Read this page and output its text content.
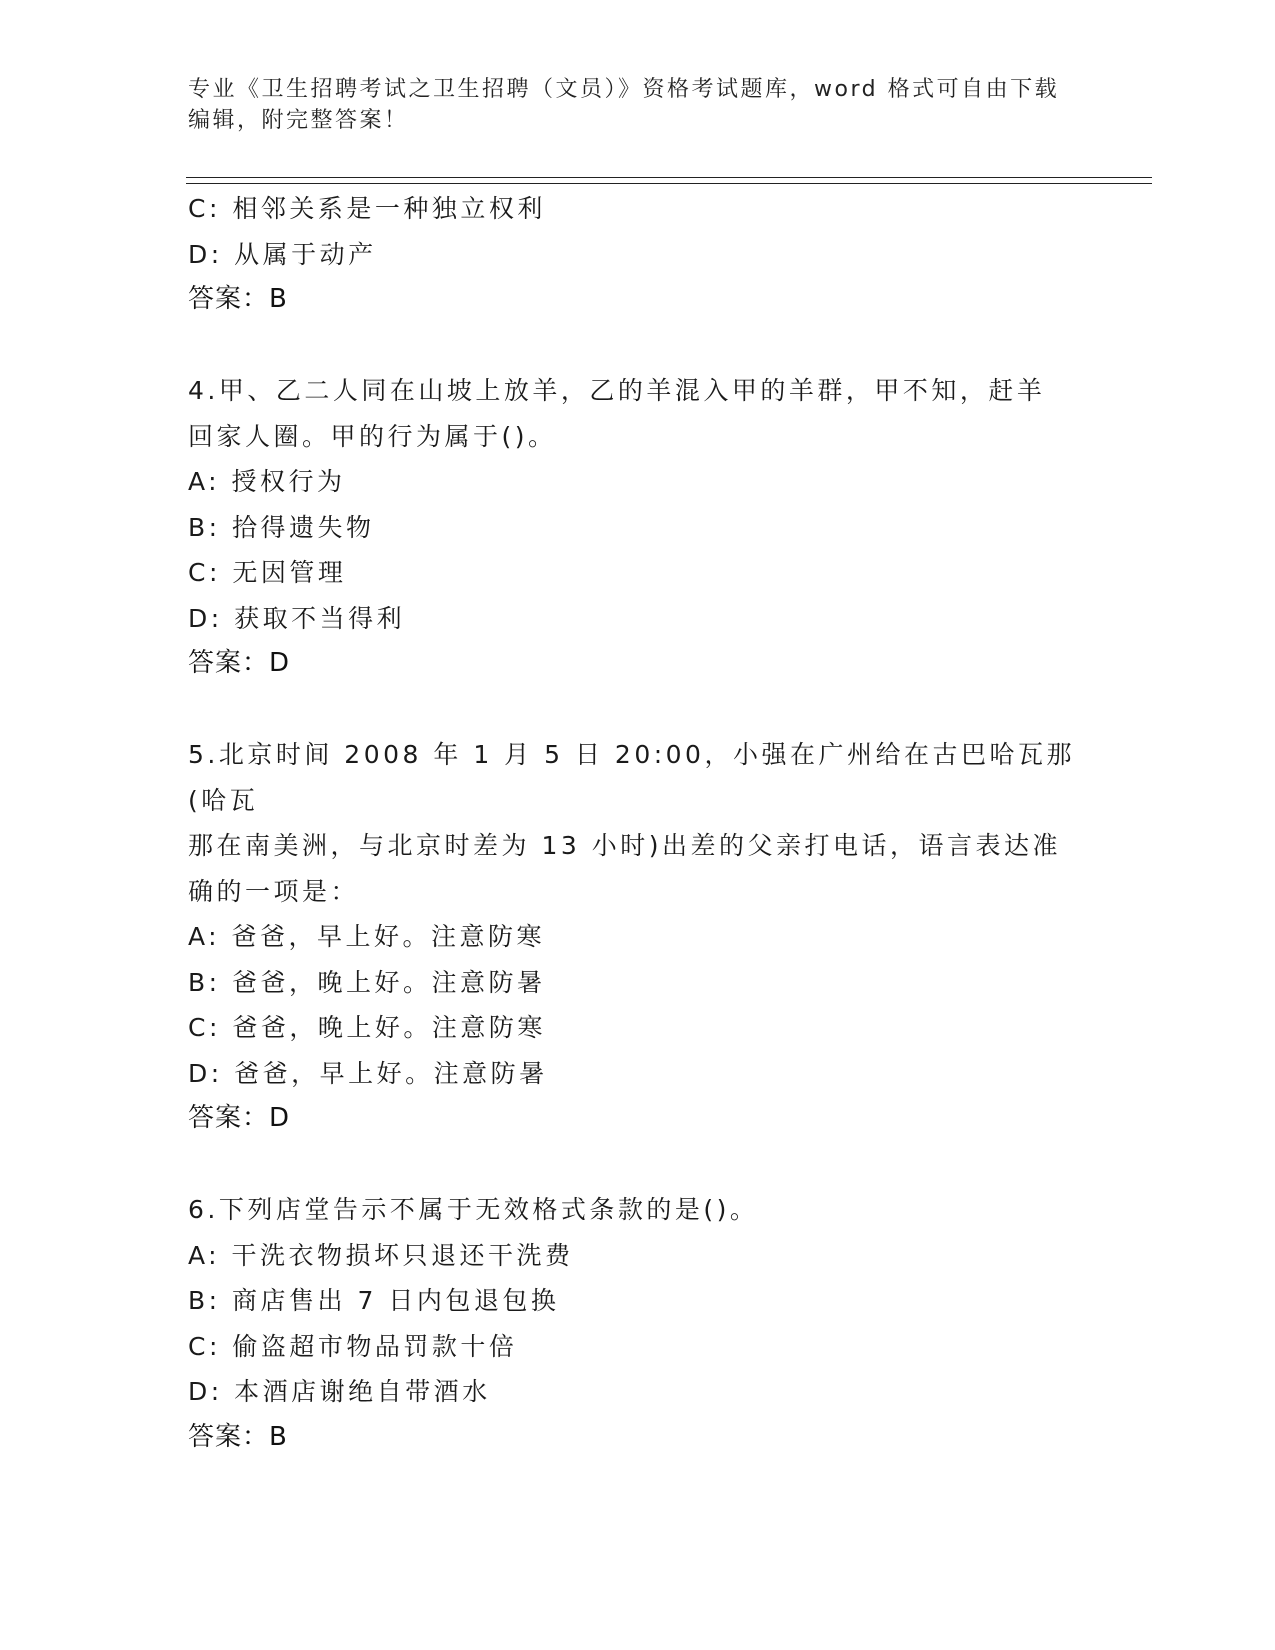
专业《卫生招聘考试之卫生招聘（文员）》资格考试题库，word 格式可自由下载
编辑，附完整答案！
C: 相邻关系是一种独立权利
D: 从属于动产
答案：B
4.甲、乙二人同在山坡上放羊，乙的羊混入甲的羊群，甲不知，赶羊
回家人圈。甲的行为属于()。
A: 授权行为
B: 拾得遗失物
C: 无因管理
D: 获取不当得利
答案：D
5.北京时间 2008 年 1 月 5 日 20:00，小强在广州给在古巴哈瓦那(哈瓦
那在南美洲，与北京时差为 13 小时)出差的父亲打电话，语言表达准
确的一项是：
A: 爸爸，早上好。注意防寒
B: 爸爸，晚上好。注意防暑
C: 爸爸，晚上好。注意防寒
D: 爸爸，早上好。注意防暑
答案：D
6.下列店堂告示不属于无效格式条款的是()。
A: 干洗衣物损坏只退还干洗费
B: 商店售出 7 日内包退包换
C: 偷盗超市物品罚款十倍
D: 本酒店谢绝自带酒水
答案：B
